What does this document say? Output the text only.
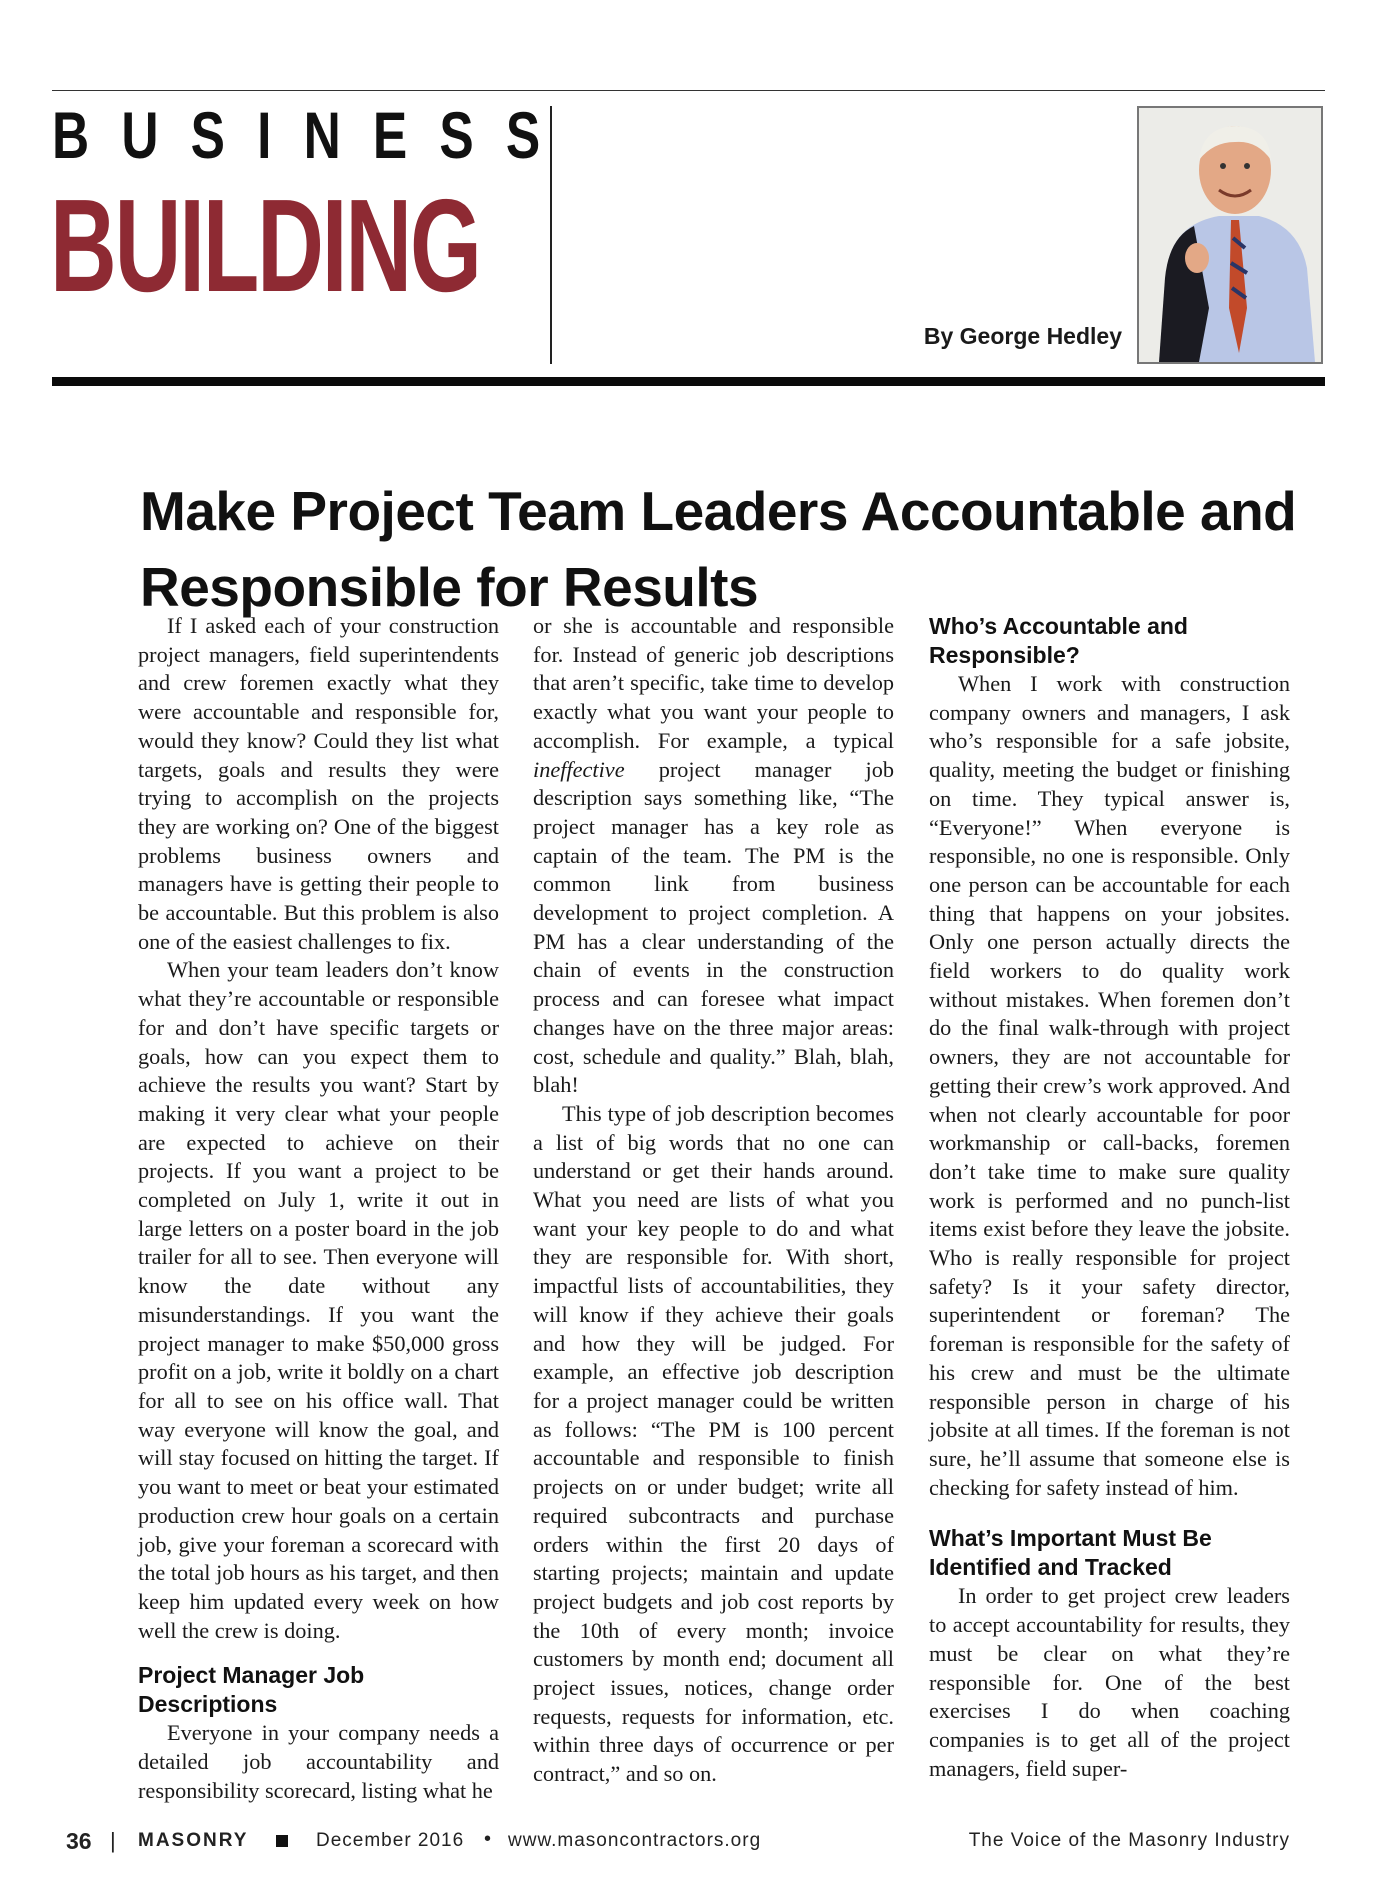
B U S I N E S S
BUILDING
By George Hedley
Make Project Team Leaders Accountable and Responsible for Results

If I asked each of your construction project managers, field superintendents and crew foremen exactly what they were accountable and responsible for, would they know? Could they list what targets, goals and results they were trying to accomplish on the projects they are working on? One of the biggest problems business owners and managers have is getting their people to be accountable. But this problem is also one of the easiest challenges to fix.

When your team leaders don’t know what they’re accountable or responsible for and don’t have specific targets or goals, how can you expect them to achieve the results you want? Start by making it very clear what your people are expected to achieve on their projects. If you want a project to be completed on July 1, write it out in large letters on a poster board in the job trailer for all to see. Then everyone will know the date without any misunderstandings. If you want the project manager to make $50,000 gross profit on a job, write it boldly on a chart for all to see on his office wall. That way everyone will know the goal, and will stay focused on hitting the target. If you want to meet or beat your estimated production crew hour goals on a certain job, give your foreman a scorecard with the total job hours as his target, and then keep him updated every week on how well the crew is doing.

Project Manager Job Descriptions

Everyone in your company needs a detailed job accountability and responsibility scorecard, listing what he

or she is accountable and responsible for. Instead of generic job descriptions that aren’t specific, take time to develop exactly what you want your people to accomplish. For example, a typical ineffective project manager job description says something like, “The project manager has a key role as captain of the team. The PM is the common link from business development to project completion. A PM has a clear understanding of the chain of events in the construction process and can foresee what impact changes have on the three major areas: cost, schedule and quality.” Blah, blah, blah!

This type of job description becomes a list of big words that no one can understand or get their hands around. What you need are lists of what you want your key people to do and what they are responsible for. With short, impactful lists of accountabilities, they will know if they achieve their goals and how they will be judged. For example, an effective job description for a project manager could be written as follows: “The PM is 100 percent accountable and responsible to finish projects on or under budget; write all required subcontracts and purchase orders within the first 20 days of starting projects; maintain and update project budgets and job cost reports by the 10th of every month; invoice customers by month end; document all project issues, notices, change order requests, requests for information, etc. within three days of occurrence or per contract,” and so on.

Who’s Accountable and Responsible?

When I work with construction company owners and managers, I ask who’s responsible for a safe jobsite, quality, meeting the budget or finishing on time. They typical answer is, “Everyone!” When everyone is responsible, no one is responsible. Only one person can be accountable for each thing that happens on your jobsites. Only one person actually directs the field workers to do quality work without mistakes. When foremen don’t do the final walk-through with project owners, they are not accountable for getting their crew’s work approved. And when not clearly accountable for poor workmanship or call-backs, foremen don’t take time to make sure quality work is performed and no punch-list items exist before they leave the jobsite. Who is really responsible for project safety? Is it your safety director, superintendent or foreman? The foreman is responsible for the safety of his crew and must be the ultimate responsible person in charge of his jobsite at all times. If the foreman is not sure, he’ll assume that someone else is checking for safety instead of him.

What’s Important Must Be Identified and Tracked

In order to get project crew leaders to accept accountability for results, they must be clear on what they’re responsible for. One of the best exercises I do when coaching companies is to get all of the project managers, field super-

36 | MASONRY	December 2016 • www.masoncontractors.org	The Voice of the Masonry Industry
